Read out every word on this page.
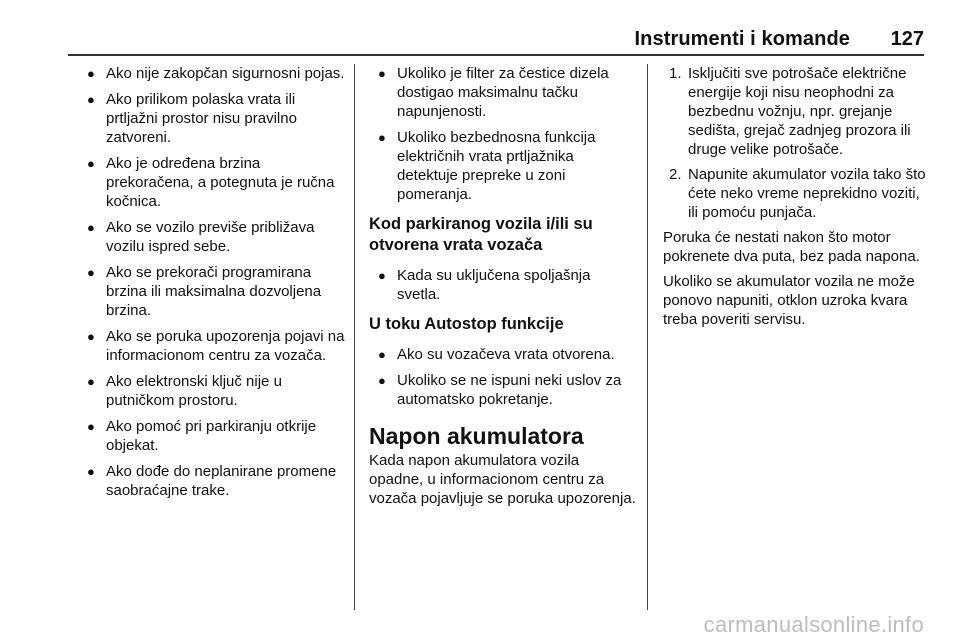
Instrumenti i komande 127
● Ako nije zakopčan sigurnosni pojas.
● Ako prilikom polaska vrata ili prtljažni prostor nisu pravilno zatvoreni.
● Ako je određena brzina prekoračena, a potegnuta je ručna kočnica.
● Ako se vozilo previše približava vozilu ispred sebe.
● Ako se prekorači programirana brzina ili maksimalna dozvoljena brzina.
● Ako se poruka upozorenja pojavi na informacionom centru za vozača.
● Ako elektronski ključ nije u putničkom prostoru.
● Ako pomoć pri parkiranju otkrije objekat.
● Ako dođe do neplanirane promene saobraćajne trake.
● Ukoliko je filter za čestice dizela dostigao maksimalnu tačku napunjenosti.
● Ukoliko bezbednosna funkcija električnih vrata prtljažnika detektuje prepreke u zoni pomeranja.
Kod parkiranog vozila i/ili su otvorena vrata vozača
● Kada su uključena spoljašnja svetla.
U toku Autostop funkcije
● Ako su vozačeva vrata otvorena.
● Ukoliko se ne ispuni neki uslov za automatsko pokretanje.
Napon akumulatora

Kada napon akumulatora vozila opadne, u informacionom centru za vozača pojavljuje se poruka upozorenja.

1. Isključiti sve potrošače električne energije koji nisu neophodni za bezbednu vožnju, npr. grejanje sedišta, grejač zadnjeg prozora ili druge velike potrošače.
2. Napunite akumulator vozila tako što ćete neko vreme neprekidno voziti, ili pomoću punjača.

Poruka će nestati nakon što motor pokrenete dva puta, bez pada napona.

Ukoliko se akumulator vozila ne može ponovo napuniti, otklon uzroka kvara treba poveriti servisu.

carmanualsonline.info
